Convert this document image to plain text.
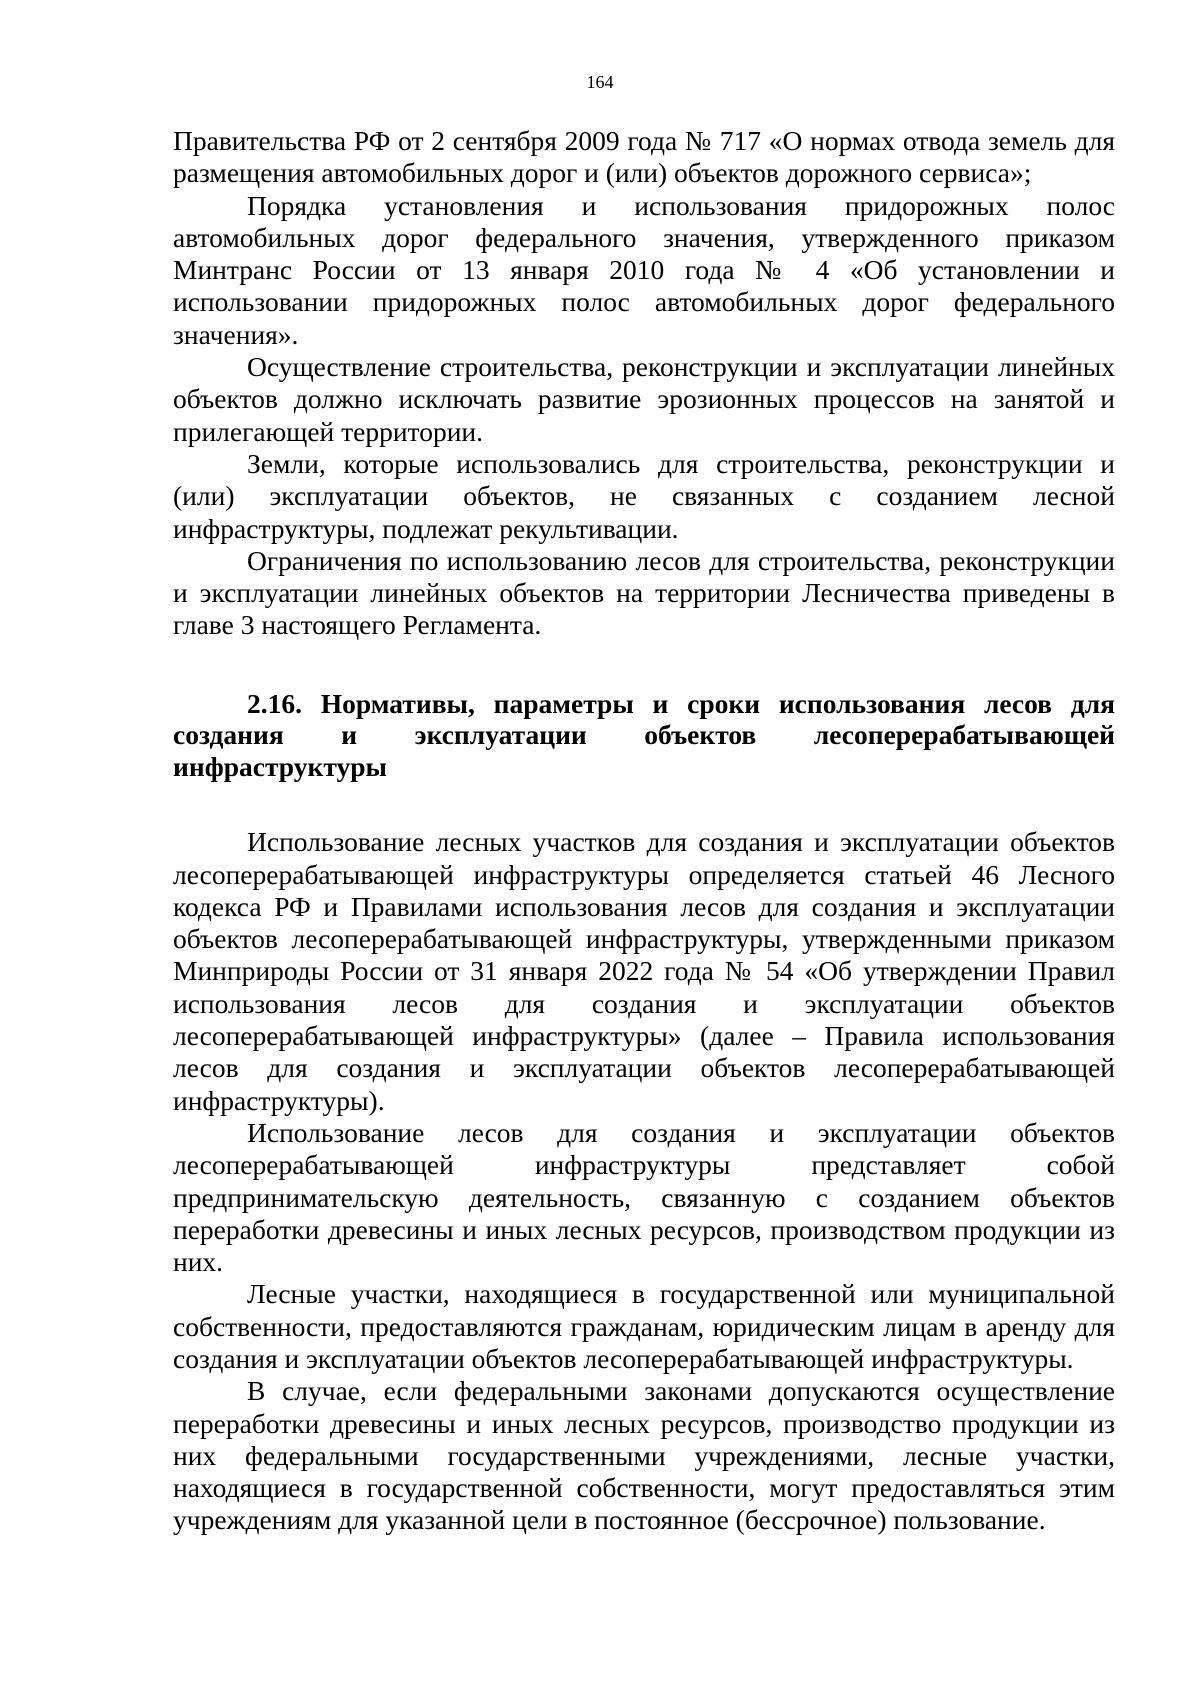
164

Правительства РФ от 2 сентября 2009 года № 717 «О нормах отвода земель для размещения автомобильных дорог и (или) объектов дорожного сервиса»;

Порядка установления и использования придорожных полос автомобильных дорог федерального значения, утвержденного приказом Минтранс России от 13 января 2010 года № 4 «Об установлении и использовании придорожных полос автомобильных дорог федерального значения».

Осуществление строительства, реконструкции и эксплуатации линейных объектов должно исключать развитие эрозионных процессов на занятой и прилегающей территории.

Земли, которые использовались для строительства, реконструкции и (или) эксплуатации объектов, не связанных с созданием лесной инфраструктуры, подлежат рекультивации.

Ограничения по использованию лесов для строительства, реконструкции и эксплуатации линейных объектов на территории Лесничества приведены в главе 3 настоящего Регламента.

2.16. Нормативы, параметры и сроки использования лесов для создания и эксплуатации объектов лесоперерабатывающей инфраструктуры

Использование лесных участков для создания и эксплуатации объектов лесоперерабатывающей инфраструктуры определяется статьей 46 Лесного кодекса РФ и Правилами использования лесов для создания и эксплуатации объектов лесоперерабатывающей инфраструктуры, утвержденными приказом Минприроды России от 31 января 2022 года № 54 «Об утверждении Правил использования лесов для создания и эксплуатации объектов лесоперерабатывающей инфраструктуры» (далее – Правила использования лесов для создания и эксплуатации объектов лесоперерабатывающей инфраструктуры).

Использование лесов для создания и эксплуатации объектов лесоперерабатывающей инфраструктуры представляет собой предпринимательскую деятельность, связанную с созданием объектов переработки древесины и иных лесных ресурсов, производством продукции из них.

Лесные участки, находящиеся в государственной или муниципальной собственности, предоставляются гражданам, юридическим лицам в аренду для создания и эксплуатации объектов лесоперерабатывающей инфраструктуры.

В случае, если федеральными законами допускаются осуществление переработки древесины и иных лесных ресурсов, производство продукции из них федеральными государственными учреждениями, лесные участки, находящиеся в государственной собственности, могут предоставляться этим учреждениям для указанной цели в постоянное (бессрочное) пользование.
